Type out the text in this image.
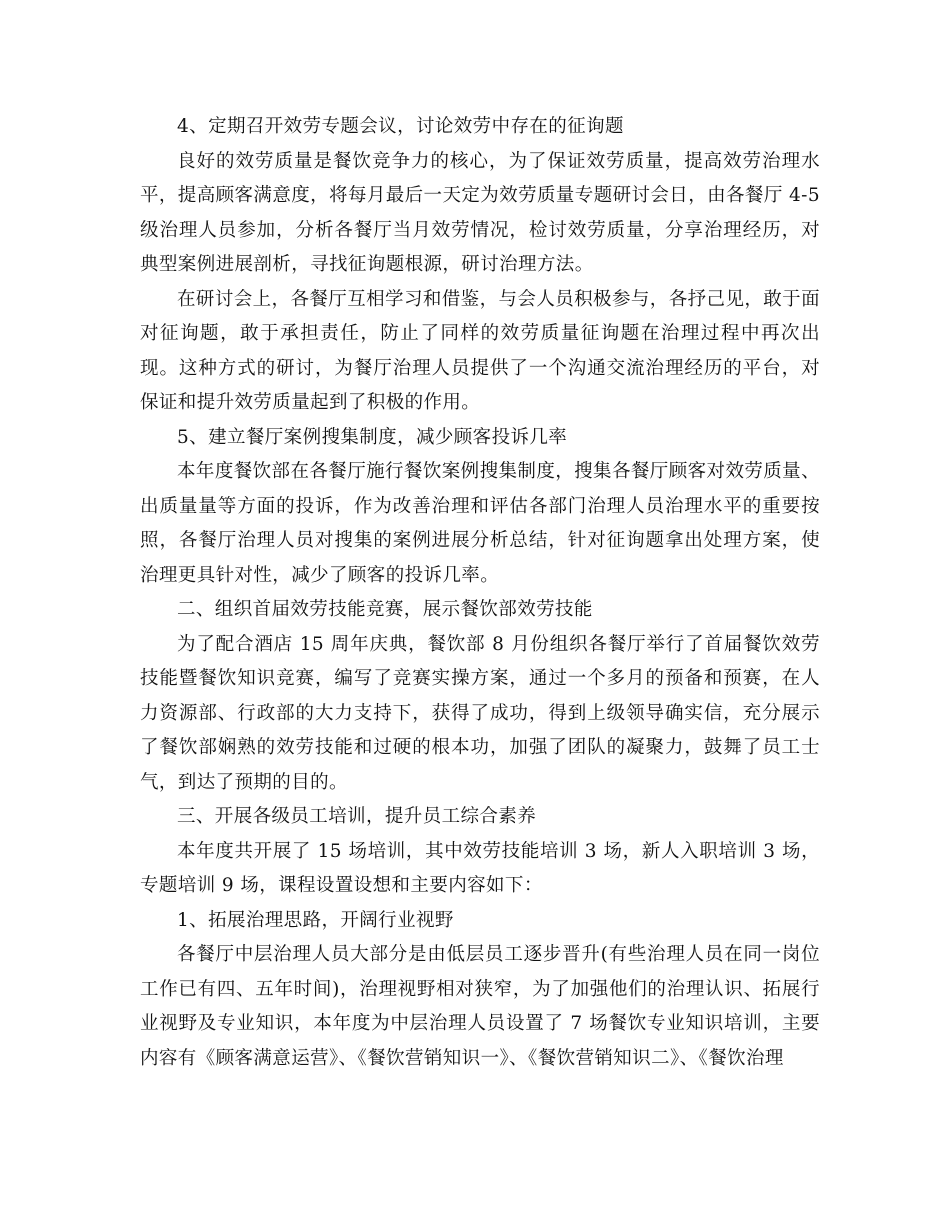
4、定期召开效劳专题会议，讨论效劳中存在的征询题

良好的效劳质量是餐饮竞争力的核心，为了保证效劳质量，提高效劳治理水平，提高顾客满意度，将每月最后一天定为效劳质量专题研讨会日，由各餐厅 4-5 级治理人员参加，分析各餐厅当月效劳情况，检讨效劳质量，分享治理经历，对典型案例进展剖析，寻找征询题根源，研讨治理方法。

在研讨会上，各餐厅互相学习和借鉴，与会人员积极参与，各抒己见，敢于面对征询题，敢于承担责任，防止了同样的效劳质量征询题在治理过程中再次出现。这种方式的研讨，为餐厅治理人员提供了一个沟通交流治理经历的平台，对保证和提升效劳质量起到了积极的作用。

5、建立餐厅案例搜集制度，减少顾客投诉几率

本年度餐饮部在各餐厅施行餐饮案例搜集制度，搜集各餐厅顾客对效劳质量、出质量量等方面的投诉，作为改善治理和评估各部门治理人员治理水平的重要按照，各餐厅治理人员对搜集的案例进展分析总结，针对征询题拿出处理方案，使治理更具针对性，减少了顾客的投诉几率。

二、组织首届效劳技能竞赛，展示餐饮部效劳技能

为了配合酒店 15 周年庆典，餐饮部 8 月份组织各餐厅举行了首届餐饮效劳技能暨餐饮知识竞赛，编写了竞赛实操方案，通过一个多月的预备和预赛，在人力资源部、行政部的大力支持下，获得了成功，得到上级领导确实信，充分展示了餐饮部娴熟的效劳技能和过硬的根本功，加强了团队的凝聚力，鼓舞了员工士气，到达了预期的目的。

三、开展各级员工培训，提升员工综合素养

本年度共开展了 15 场培训，其中效劳技能培训 3 场，新人入职培训 3 场，专题培训 9 场，课程设置设想和主要内容如下：

1、拓展治理思路，开阔行业视野

各餐厅中层治理人员大部分是由低层员工逐步晋升(有些治理人员在同一岗位工作已有四、五年时间)，治理视野相对狭窄，为了加强他们的治理认识、拓展行业视野及专业知识，本年度为中层治理人员设置了 7 场餐饮专业知识培训，主要内容有《顾客满意运营》、《餐饮营销知识一》、《餐饮营销知识二》、《餐饮治理
